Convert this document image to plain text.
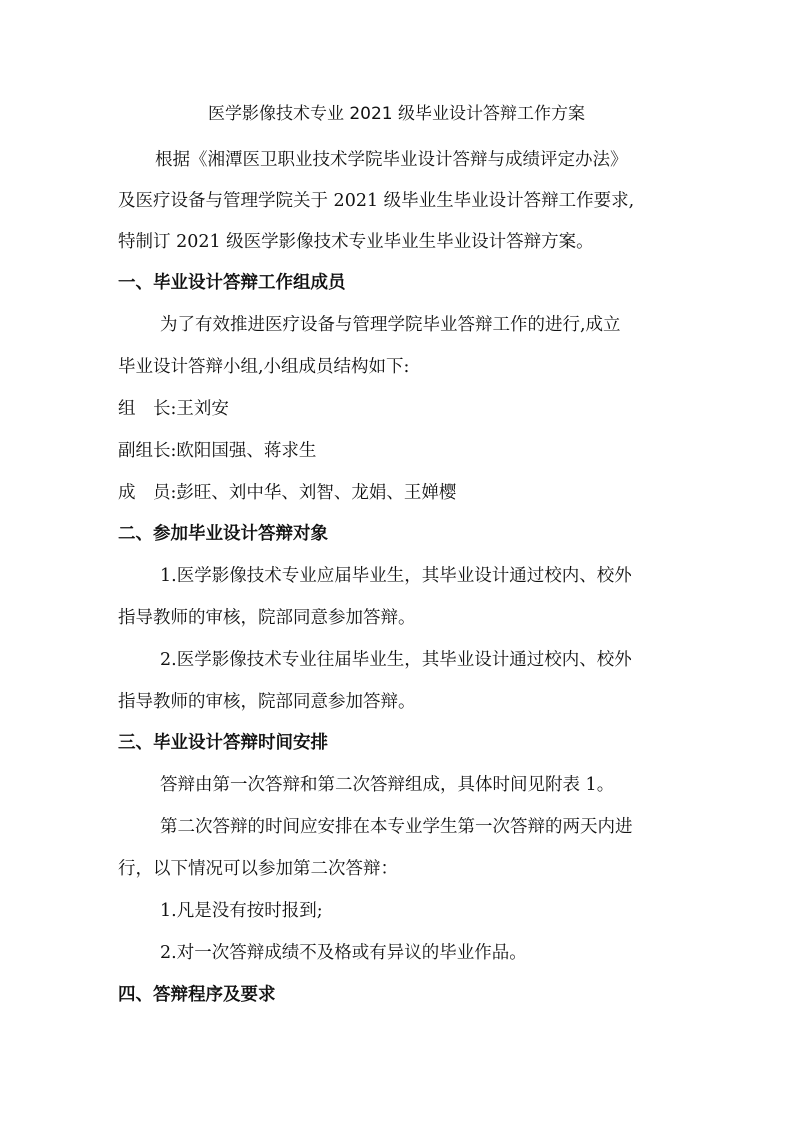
医学影像技术专业 2021 级毕业设计答辩工作方案
根据《湘潭医卫职业技术学院毕业设计答辩与成绩评定办法》
及医疗设备与管理学院关于 2021 级毕业生毕业设计答辩工作要求,
特制订 2021 级医学影像技术专业毕业生毕业设计答辩方案。
一、毕业设计答辩工作组成员
为了有效推进医疗设备与管理学院毕业答辩工作的进行,成立
毕业设计答辩小组,小组成员结构如下:
组　长:王刘安
副组长:欧阳国强、蒋求生
成　员:彭旺、刘中华、刘智、龙娟、王婵樱
二、参加毕业设计答辩对象
1.医学影像技术专业应届毕业生，其毕业设计通过校内、校外
指导教师的审核，院部同意参加答辩。
2.医学影像技术专业往届毕业生，其毕业设计通过校内、校外
指导教师的审核，院部同意参加答辩。
三、毕业设计答辩时间安排
答辩由第一次答辩和第二次答辩组成，具体时间见附表 1。
第二次答辩的时间应安排在本专业学生第一次答辩的两天内进
行，以下情况可以参加第二次答辩：
1.凡是没有按时报到;
2.对一次答辩成绩不及格或有异议的毕业作品。
四、答辩程序及要求
